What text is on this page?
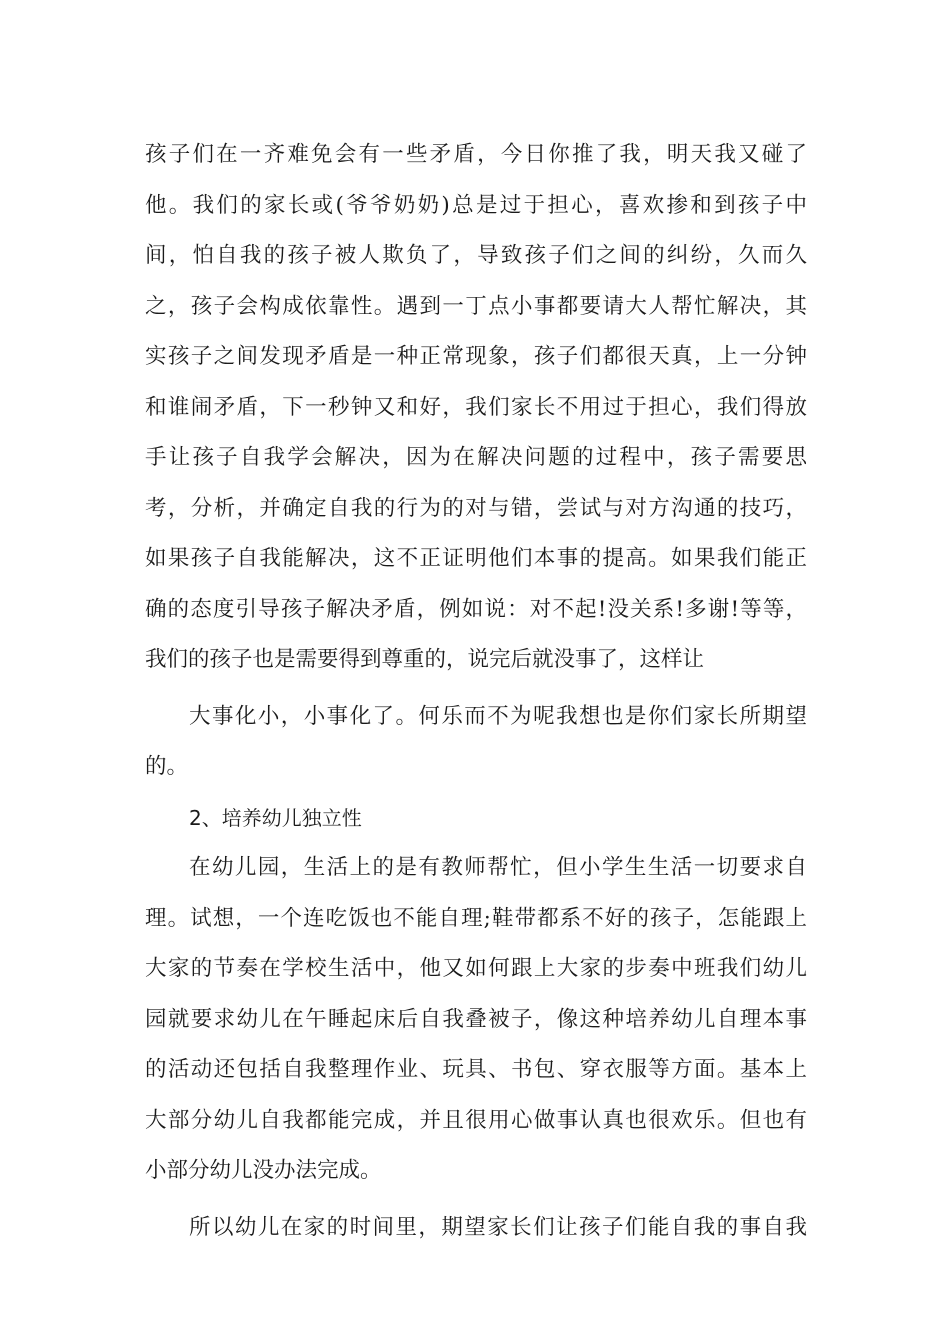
孩子们在一齐难免会有一些矛盾，今日你推了我，明天我又碰了
他。我们的家长或(爷爷奶奶)总是过于担心，喜欢掺和到孩子中
间，怕自我的孩子被人欺负了，导致孩子们之间的纠纷，久而久
之，孩子会构成依靠性。遇到一丁点小事都要请大人帮忙解决，其
实孩子之间发现矛盾是一种正常现象，孩子们都很天真，上一分钟
和谁闹矛盾，下一秒钟又和好，我们家长不用过于担心，我们得放
手让孩子自我学会解决，因为在解决问题的过程中，孩子需要思
考，分析，并确定自我的行为的对与错，尝试与对方沟通的技巧，
如果孩子自我能解决，这不正证明他们本事的提高。如果我们能正
确的态度引导孩子解决矛盾，例如说：对不起!没关系!多谢!等等，
我们的孩子也是需要得到尊重的，说完后就没事了，这样让
大事化小，小事化了。何乐而不为呢我想也是你们家长所期望
的。
2、培养幼儿独立性
在幼儿园，生活上的是有教师帮忙，但小学生生活一切要求自
理。试想，一个连吃饭也不能自理;鞋带都系不好的孩子，怎能跟上
大家的节奏在学校生活中，他又如何跟上大家的步奏中班我们幼儿
园就要求幼儿在午睡起床后自我叠被子，像这种培养幼儿自理本事
的活动还包括自我整理作业、玩具、书包、穿衣服等方面。基本上
大部分幼儿自我都能完成，并且很用心做事认真也很欢乐。但也有
小部分幼儿没办法完成。
所以幼儿在家的时间里，期望家长们让孩子们能自我的事自我
